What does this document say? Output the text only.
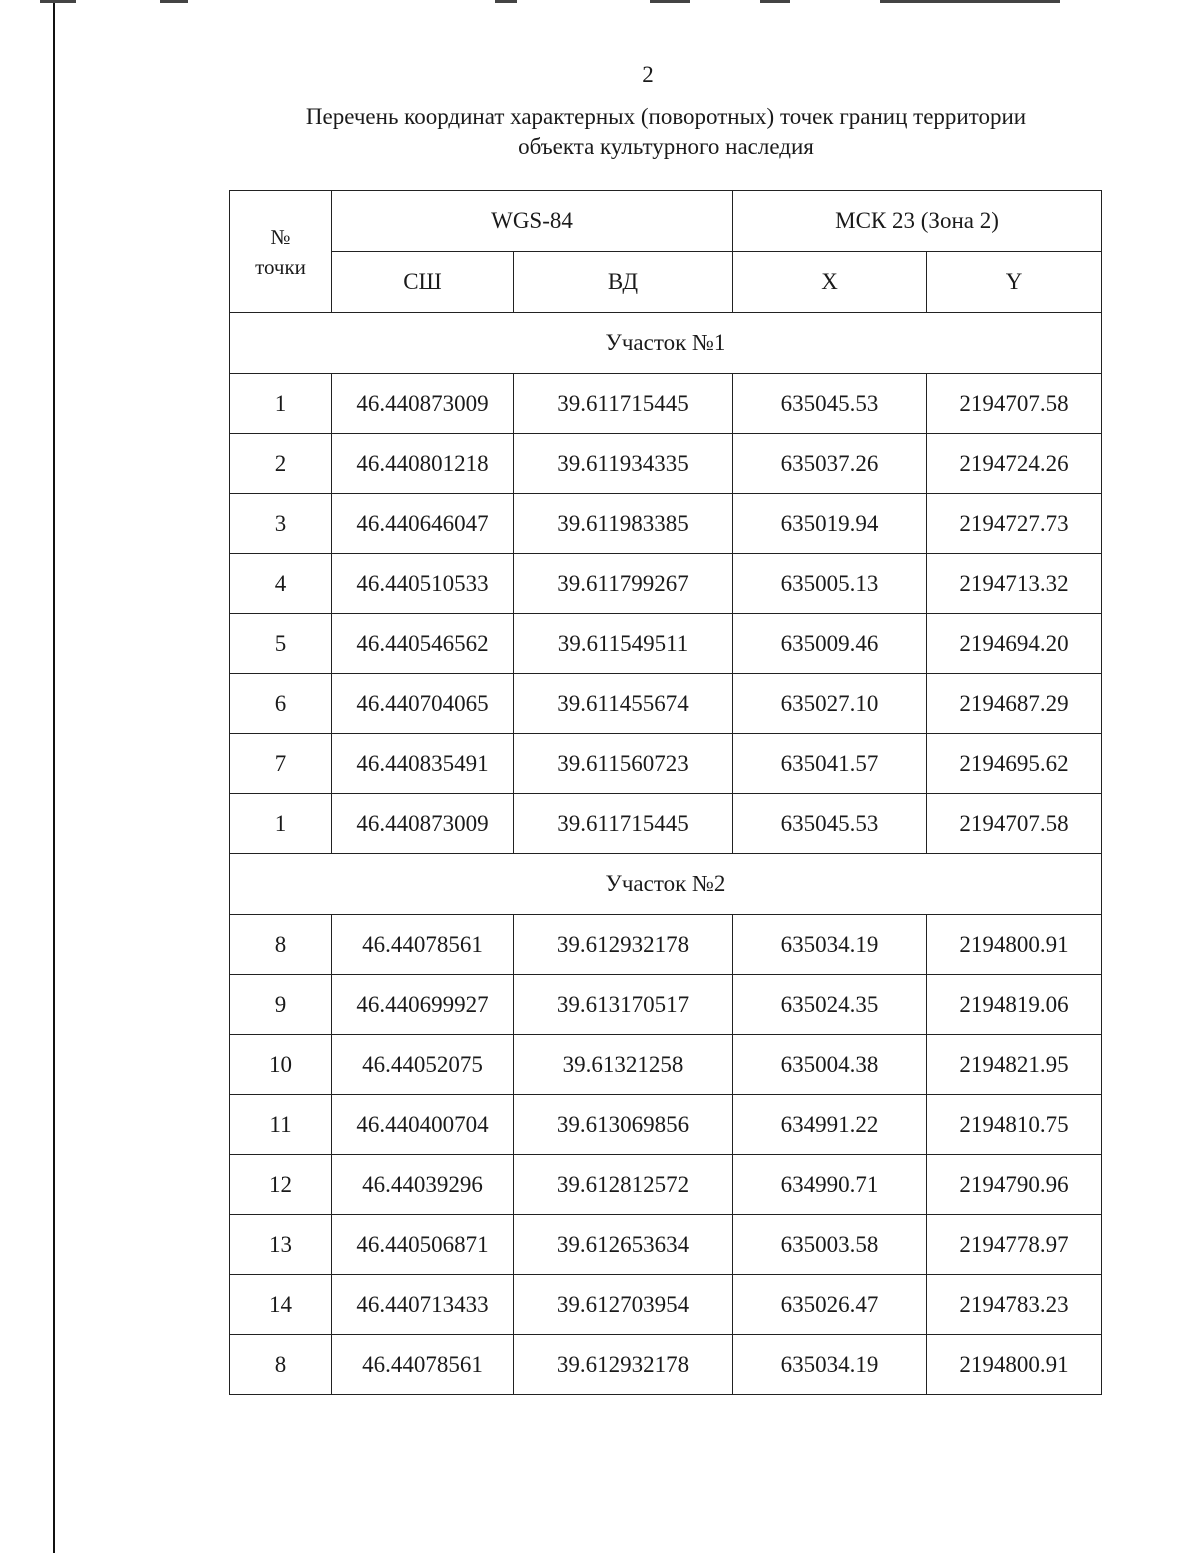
2
Перечень координат характерных (поворотных) точек границ территории
объекта культурного наследия
№
точки	WGS-84		МСК 23 (Зона 2)	
	СШ	ВД	X	Y
Участок №1				
1	46.440873009	39.611715445	635045.53	2194707.58
2	46.440801218	39.611934335	635037.26	2194724.26
3	46.440646047	39.611983385	635019.94	2194727.73
4	46.440510533	39.611799267	635005.13	2194713.32
5	46.440546562	39.611549511	635009.46	2194694.20
6	46.440704065	39.611455674	635027.10	2194687.29
7	46.440835491	39.611560723	635041.57	2194695.62
1	46.440873009	39.611715445	635045.53	2194707.58
Участок №2				
8	46.44078561	39.612932178	635034.19	2194800.91
9	46.440699927	39.613170517	635024.35	2194819.06
10	46.44052075	39.61321258	635004.38	2194821.95
11	46.440400704	39.613069856	634991.22	2194810.75
12	46.44039296	39.612812572	634990.71	2194790.96
13	46.440506871	39.612653634	635003.58	2194778.97
14	46.440713433	39.612703954	635026.47	2194783.23
8	46.44078561	39.612932178	635034.19	2194800.91
